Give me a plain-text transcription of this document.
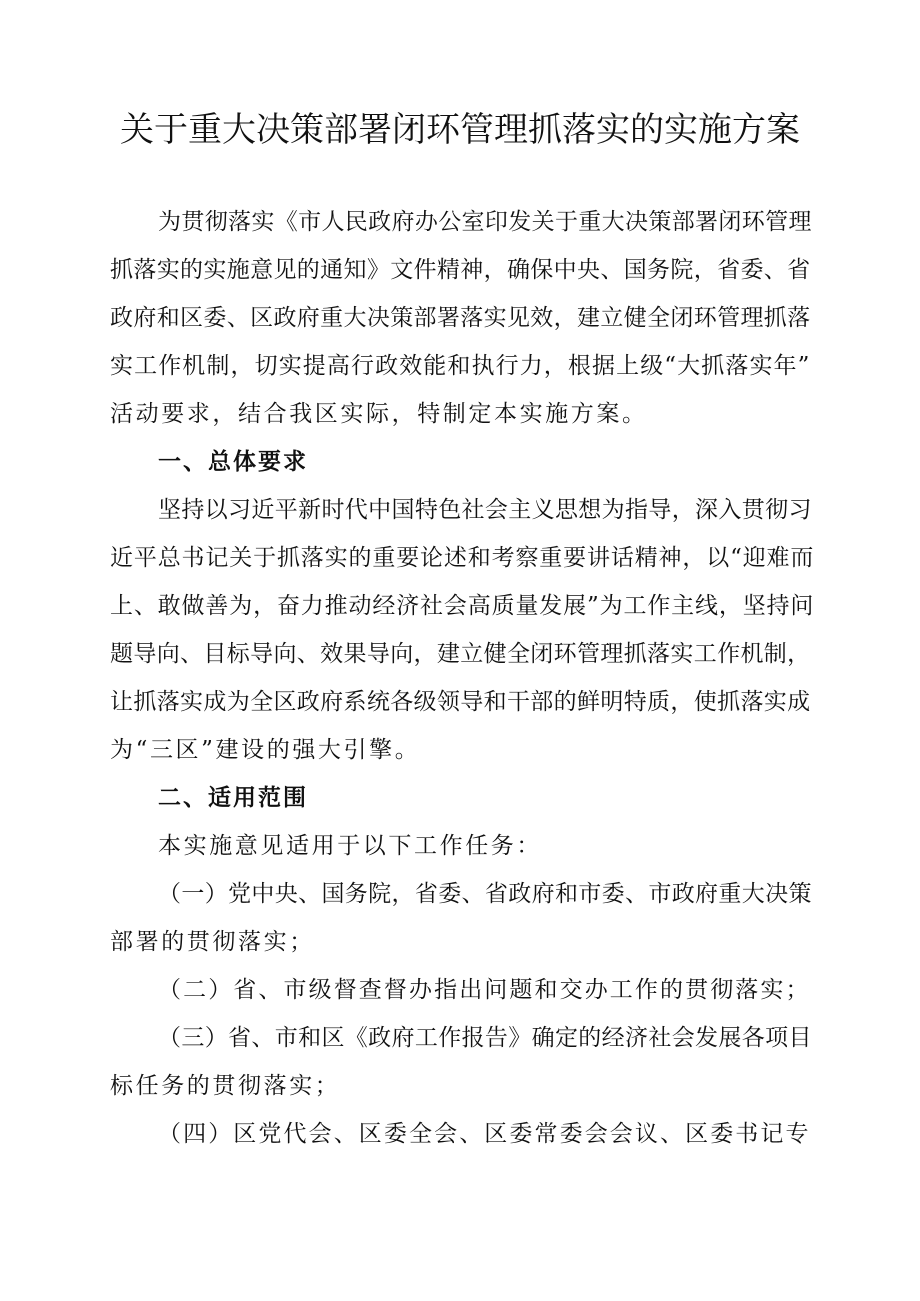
关于重大决策部署闭环管理抓落实的实施方案
为贯彻落实《市人民政府办公室印发关于重大决策部署闭环管理
抓落实的实施意见的通知》文件精神，确保中央、国务院，省委、省
政府和区委、区政府重大决策部署落实见效，建立健全闭环管理抓落
实工作机制，切实提高行政效能和执行力，根据上级“大抓落实年”
活动要求，结合我区实际，特制定本实施方案。
一、总体要求
坚持以习近平新时代中国特色社会主义思想为指导，深入贯彻习
近平总书记关于抓落实的重要论述和考察重要讲话精神，以“迎难而
上、敢做善为，奋力推动经济社会高质量发展”为工作主线，坚持问
题导向、目标导向、效果导向，建立健全闭环管理抓落实工作机制，
让抓落实成为全区政府系统各级领导和干部的鲜明特质，使抓落实成
为“三区”建设的强大引擎。
二、适用范围
本实施意见适用于以下工作任务：
（一）党中央、国务院，省委、省政府和市委、市政府重大决策
部署的贯彻落实；
（二）省、市级督查督办指出问题和交办工作的贯彻落实；
（三）省、市和区《政府工作报告》确定的经济社会发展各项目
标任务的贯彻落实；
（四）区党代会、区委全会、区委常委会会议、区委书记专
